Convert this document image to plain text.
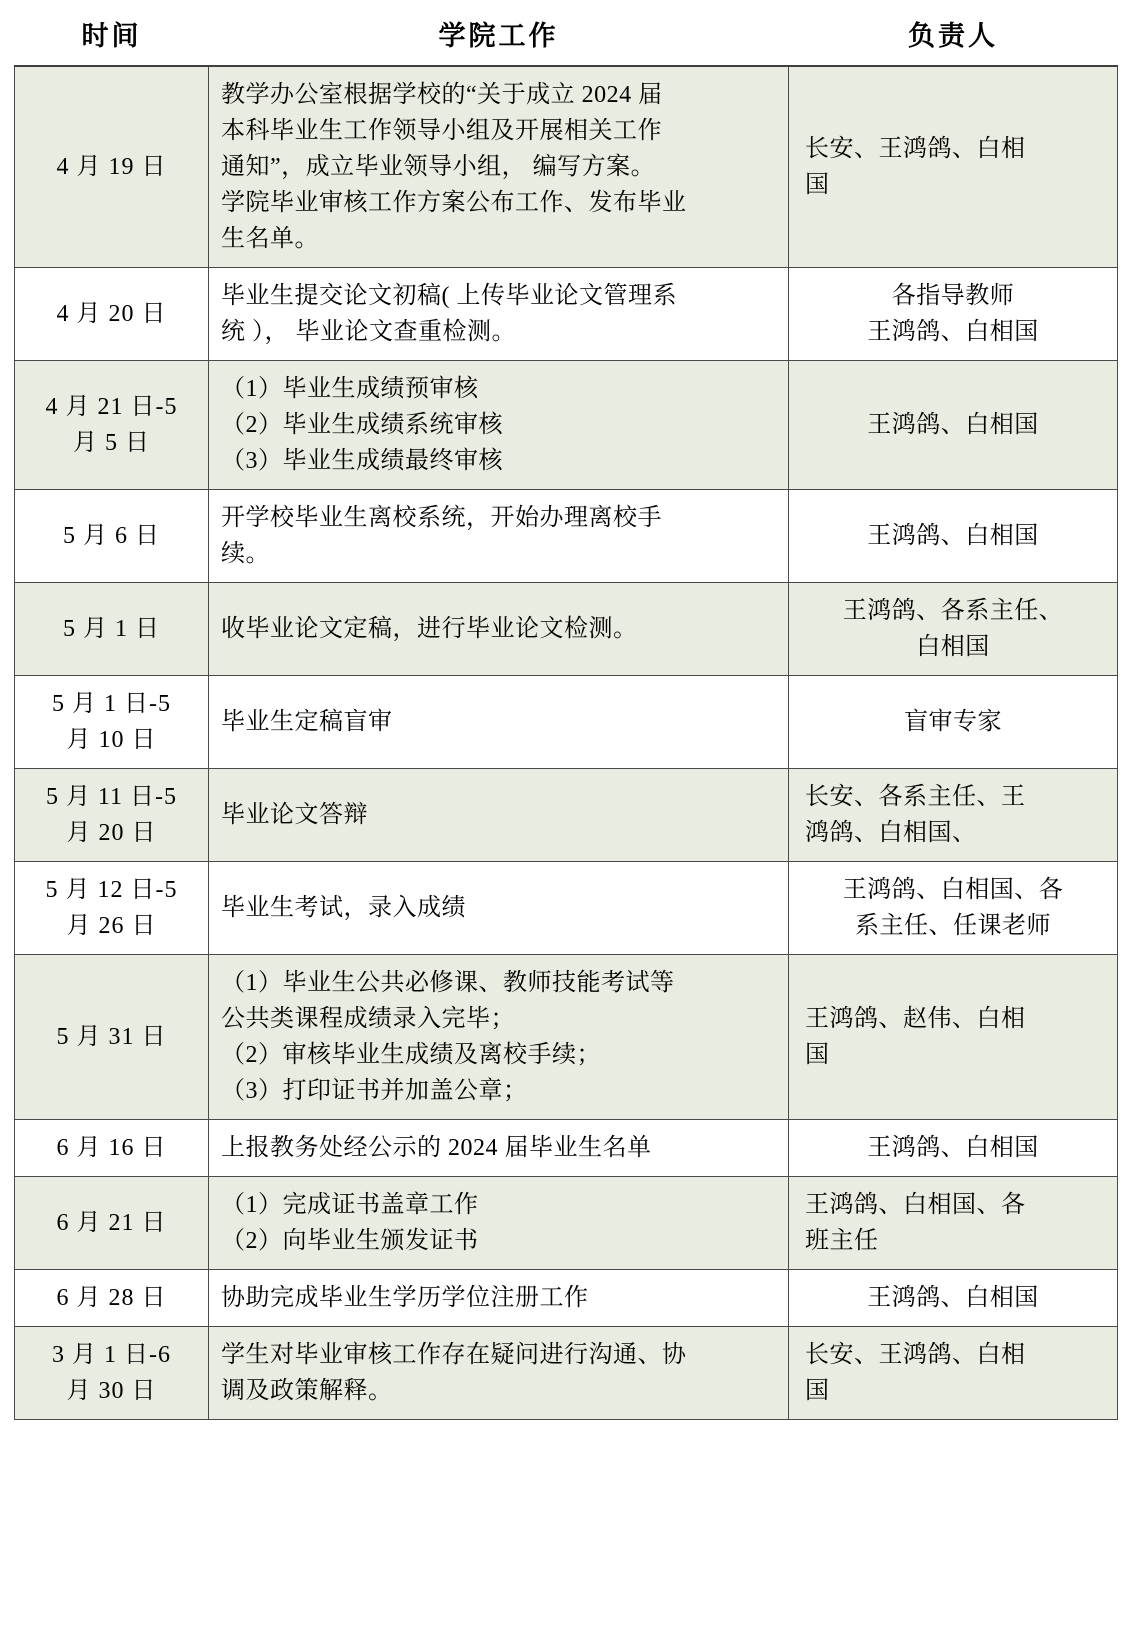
时间	学院工作	负责人

4 月 19 日	教学办公室根据学校的“关于成立 2024 届
本科毕业生工作领导小组及开展相关工作
通知”，成立毕业领导小组， 编写方案。
学院毕业审核工作方案公布工作、发布毕业
生名单。	长安、王鸿鸽、白相
国

4 月 20 日	毕业生提交论文初稿( 上传毕业论文管理系
统 ）， 毕业论文查重检测。	各指导教师
王鸿鸽、白相国

4 月 21 日-5
月 5 日	（1）毕业生成绩预审核
（2）毕业生成绩系统审核
（3）毕业生成绩最终审核	王鸿鸽、白相国

5 月 6 日	开学校毕业生离校系统，开始办理离校手
续。	王鸿鸽、白相国

5 月 1 日	收毕业论文定稿，进行毕业论文检测。	王鸿鸽、各系主任、
白相国

5 月 1 日-5
月 10 日	毕业生定稿盲审	盲审专家

5 月 11 日-5
月 20 日	毕业论文答辩	长安、各系主任、王
鸿鸽、白相国、

5 月 12 日-5
月 26 日	毕业生考试，录入成绩	王鸿鸽、白相国、各
系主任、任课老师

5 月 31 日	（1）毕业生公共必修课、教师技能考试等
公共类课程成绩录入完毕；
（2）审核毕业生成绩及离校手续；
（3）打印证书并加盖公章；	王鸿鸽、赵伟、白相
国

6 月 16 日	上报教务处经公示的 2024 届毕业生名单	王鸿鸽、白相国

6 月 21 日	（1）完成证书盖章工作
（2）向毕业生颁发证书	王鸿鸽、白相国、各
班主任

6 月 28 日	协助完成毕业生学历学位注册工作	王鸿鸽、白相国

3 月 1 日-6
月 30 日	学生对毕业审核工作存在疑问进行沟通、协
调及政策解释。	长安、王鸿鸽、白相
国
